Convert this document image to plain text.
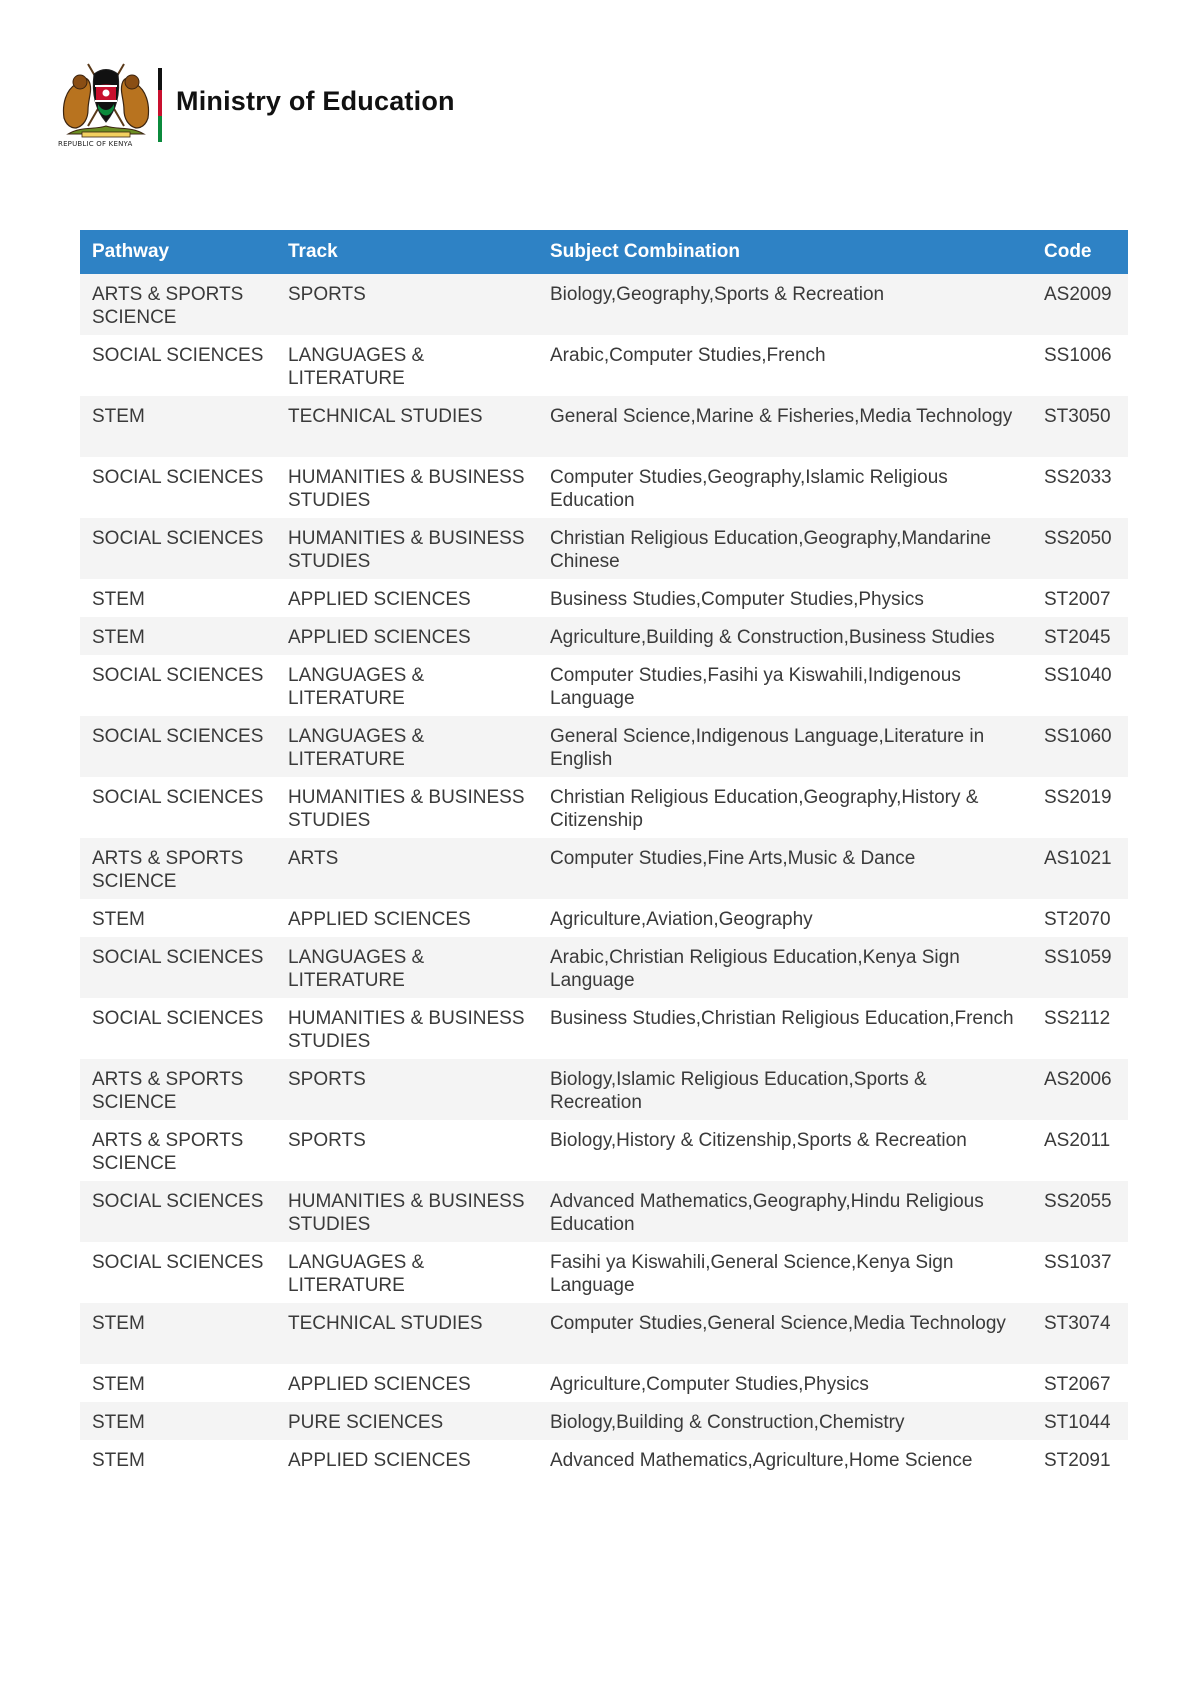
REPUBLIC OF KENYA
Ministry of Education
Pathway	Track	Subject Combination	Code
ARTS & SPORTS SCIENCE	SPORTS	Biology,Geography,Sports & Recreation	AS2009
SOCIAL SCIENCES	LANGUAGES & LITERATURE	Arabic,Computer Studies,French	SS1006
STEM	TECHNICAL STUDIES	General Science,Marine & Fisheries,Media Technology	ST3050
SOCIAL SCIENCES	HUMANITIES & BUSINESS STUDIES	Computer Studies,Geography,Islamic Religious Education	SS2033
SOCIAL SCIENCES	HUMANITIES & BUSINESS STUDIES	Christian Religious Education,Geography,Mandarine Chinese	SS2050
STEM	APPLIED SCIENCES	Business Studies,Computer Studies,Physics	ST2007
STEM	APPLIED SCIENCES	Agriculture,Building & Construction,Business Studies	ST2045
SOCIAL SCIENCES	LANGUAGES & LITERATURE	Computer Studies,Fasihi ya Kiswahili,Indigenous Language	SS1040
SOCIAL SCIENCES	LANGUAGES & LITERATURE	General Science,Indigenous Language,Literature in English	SS1060
SOCIAL SCIENCES	HUMANITIES & BUSINESS STUDIES	Christian Religious Education,Geography,History & Citizenship	SS2019
ARTS & SPORTS SCIENCE	ARTS	Computer Studies,Fine Arts,Music & Dance	AS1021
STEM	APPLIED SCIENCES	Agriculture,Aviation,Geography	ST2070
SOCIAL SCIENCES	LANGUAGES & LITERATURE	Arabic,Christian Religious Education,Kenya Sign Language	SS1059
SOCIAL SCIENCES	HUMANITIES & BUSINESS STUDIES	Business Studies,Christian Religious Education,French	SS2112
ARTS & SPORTS SCIENCE	SPORTS	Biology,Islamic Religious Education,Sports & Recreation	AS2006
ARTS & SPORTS SCIENCE	SPORTS	Biology,History & Citizenship,Sports & Recreation	AS2011
SOCIAL SCIENCES	HUMANITIES & BUSINESS STUDIES	Advanced Mathematics,Geography,Hindu Religious Education	SS2055
SOCIAL SCIENCES	LANGUAGES & LITERATURE	Fasihi ya Kiswahili,General Science,Kenya Sign Language	SS1037
STEM	TECHNICAL STUDIES	Computer Studies,General Science,Media Technology	ST3074
STEM	APPLIED SCIENCES	Agriculture,Computer Studies,Physics	ST2067
STEM	PURE SCIENCES	Biology,Building & Construction,Chemistry	ST1044
STEM	APPLIED SCIENCES	Advanced Mathematics,Agriculture,Home Science	ST2091
